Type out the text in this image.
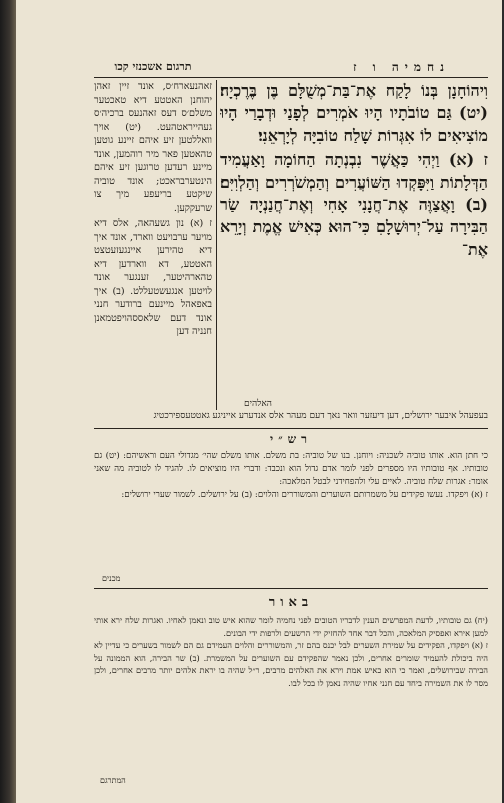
נחמיה ו ז
תרגום אשכנזי קכו

וִיהוֹחָנָן בְּנוֹ לָקַח אֶת־בַּת־מְשֻׁלָּם בֶּן בֶּרֶכְיָה׃ (יט) גַּם טוֹבֹתָיו הָיוּ אֹמְרִים לְפָנַי וּדְבָרַי הָיוּ מוֹצִיאִים לוֹ אִגְּרוֹת שָׁלַח טוֹבִיָּה לְיָרְאֵנִי׃

ז (א) וַיְהִי כַּאֲשֶׁר נִבְנְתָה הַחוֹמָה וָאַעֲמִיד הַדְּלָתוֹת וַיִּפָּקְדוּ הַשּׁוֹעֲרִים וְהַמְשֹׁרְרִים וְהַלְוִיִּם׃ (ב) וָאֲצַוֶּה אֶת־חֲנָנִי אָחִי וְאֶת־חֲנַנְיָה שַׂר הַבִּירָה עַל־יְרוּשָׁלָםִ כִּי־הוּא כְּאִישׁ אֱמֶת וְיָרֵא אֶת־

האלהים

זאהנעארח׳ס, אונד זיין זאהן יהוחנן האטטע דיא טאכטער משלם׳ס דעס זאהנעס ברכיה׳ס געהייראטהעט. (יט) אויך וואללטען זיע איהם זיינע גוטען טהאטען פאר מיר רוהמען, אונד מיינע רעדען טרוגען זיע איהם הינטערבראכט; אונד טוביה שיקטע בריעפע מיך צו שרעקקען.

ז (א) נון גשעהאה, אלס דיא מויער ערבויעט ווארד, אונד איך דיא טהירען איינגעזעטצט האטטע, דא ווארדען דיא טהארהיטער, זענגער אונד לויטען אנגעשטעללט. (ב) איך באפאהל מיינעם ברודער חנני אונד דעם שלאססהויפטמאנן חנניה דען

בעפעהל איבער ירושלים, דען דיעזער וואר נאך דעם מעהר אלס אנדערע אייניגע גאטטעספירכטיג
רש״י

כי חתן הוא. אותו טוביה לשכניה: ויוחנן. בנו של טוביה: בת משלם. אותו משלם שהי׳ מגדולי העם וראשיהם: (יט) גם טובותיו. אף טובותיו היו מספרים לפני לומר אדם גדול הוא ונכבד: ודברי היו מוציאים לו. להגיד לו לטוביה מה שאני אומר: אגרות שלח טוביה. לאיים עלי ולהפחידני לבטל המלאכה:

ז (א) ויפקדו. נעשו פקידים על משמרותם השוערים והמשוררים והלוים: (ב) על ירושלים. לשמור שערי ירושלים:

מכנים
באור

(יח) גם טובותיו, לדעת המפרשים הענין לדבריו הטובים לפני נחמיה לומר שהוא איש טוב ונאמן לאחיו. ואגרות שלח ירא אותי למען אירא ואפסיק המלאכה, והכל דבר אחד להחזיק ידי הרשעים ולרפות ידי הבונים.

ז (א) ויפקדו, הפקידים על שמירת השערים לבל יכנס בהם זר, והמשוררים והלוים העמידם גם הם לשמור בשערים כי עדיין לא היה ביכולת להעמיד שומרים אחרים, ולכן נאמר שהפקידם עם השוערים על המשמרת. (ב) שר הבירה, הוא הממונה על הבירה שבירושלים, ואמר כי הוא כאיש אמת וירא את האלהים מרבים, ר״ל שהיה בו יראת אלהים יותר מרבים אחרים, ולכן מסר לו את השמירה ביחד עם חנני אחיו שהיה נאמן לו בכל לבו.

המתרגם
